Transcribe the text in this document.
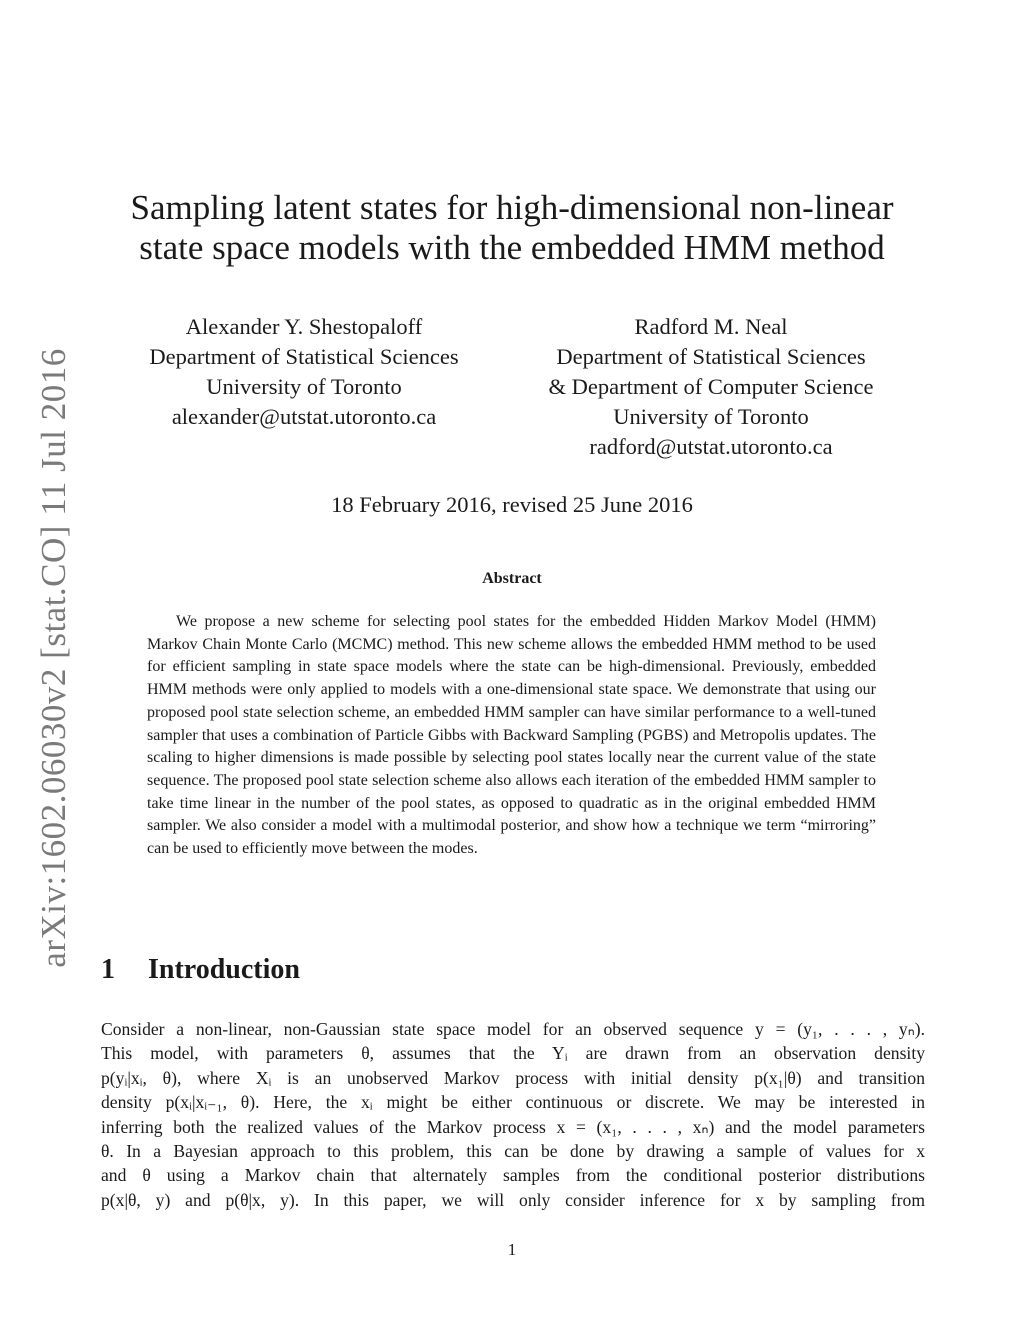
arXiv:1602.06030v2 [stat.CO] 11 Jul 2016
Sampling latent states for high-dimensional non-linear
state space models with the embedded HMM method
Alexander Y. Shestopaloff
Department of Statistical Sciences
University of Toronto
alexander@utstat.utoronto.ca
Radford M. Neal
Department of Statistical Sciences
& Department of Computer Science
University of Toronto
radford@utstat.utoronto.ca
18 February 2016, revised 25 June 2016
Abstract
We propose a new scheme for selecting pool states for the embedded Hidden Markov Model (HMM) Markov Chain Monte Carlo (MCMC) method. This new scheme allows the embedded HMM method to be used for efficient sampling in state space models where the state can be high-dimensional. Previously, embedded HMM methods were only applied to models with a one-dimensional state space. We demonstrate that using our proposed pool state selection scheme, an embedded HMM sampler can have similar performance to a well-tuned sampler that uses a combination of Particle Gibbs with Backward Sampling (PGBS) and Metropolis updates. The scaling to higher dimensions is made possible by selecting pool states locally near the current value of the state sequence. The proposed pool state selection scheme also allows each iteration of the embedded HMM sampler to take time linear in the number of the pool states, as opposed to quadratic as in the original embedded HMM sampler. We also consider a model with a multimodal posterior, and show how a technique we term “mirroring” can be used to efficiently move between the modes.
1 Introduction
Consider a non-linear, non-Gaussian state space model for an observed sequence y = (y₁, . . . , yₙ).
This model, with parameters θ, assumes that the Yᵢ are drawn from an observation density
p(yᵢ|xᵢ, θ), where Xᵢ is an unobserved Markov process with initial density p(x₁|θ) and transition
density p(xᵢ|xᵢ₋₁, θ). Here, the xᵢ might be either continuous or discrete. We may be interested in
inferring both the realized values of the Markov process x = (x₁, . . . , xₙ) and the model parameters
θ. In a Bayesian approach to this problem, this can be done by drawing a sample of values for x
and θ using a Markov chain that alternately samples from the conditional posterior distributions
p(x|θ, y) and p(θ|x, y). In this paper, we will only consider inference for x by sampling from
1
